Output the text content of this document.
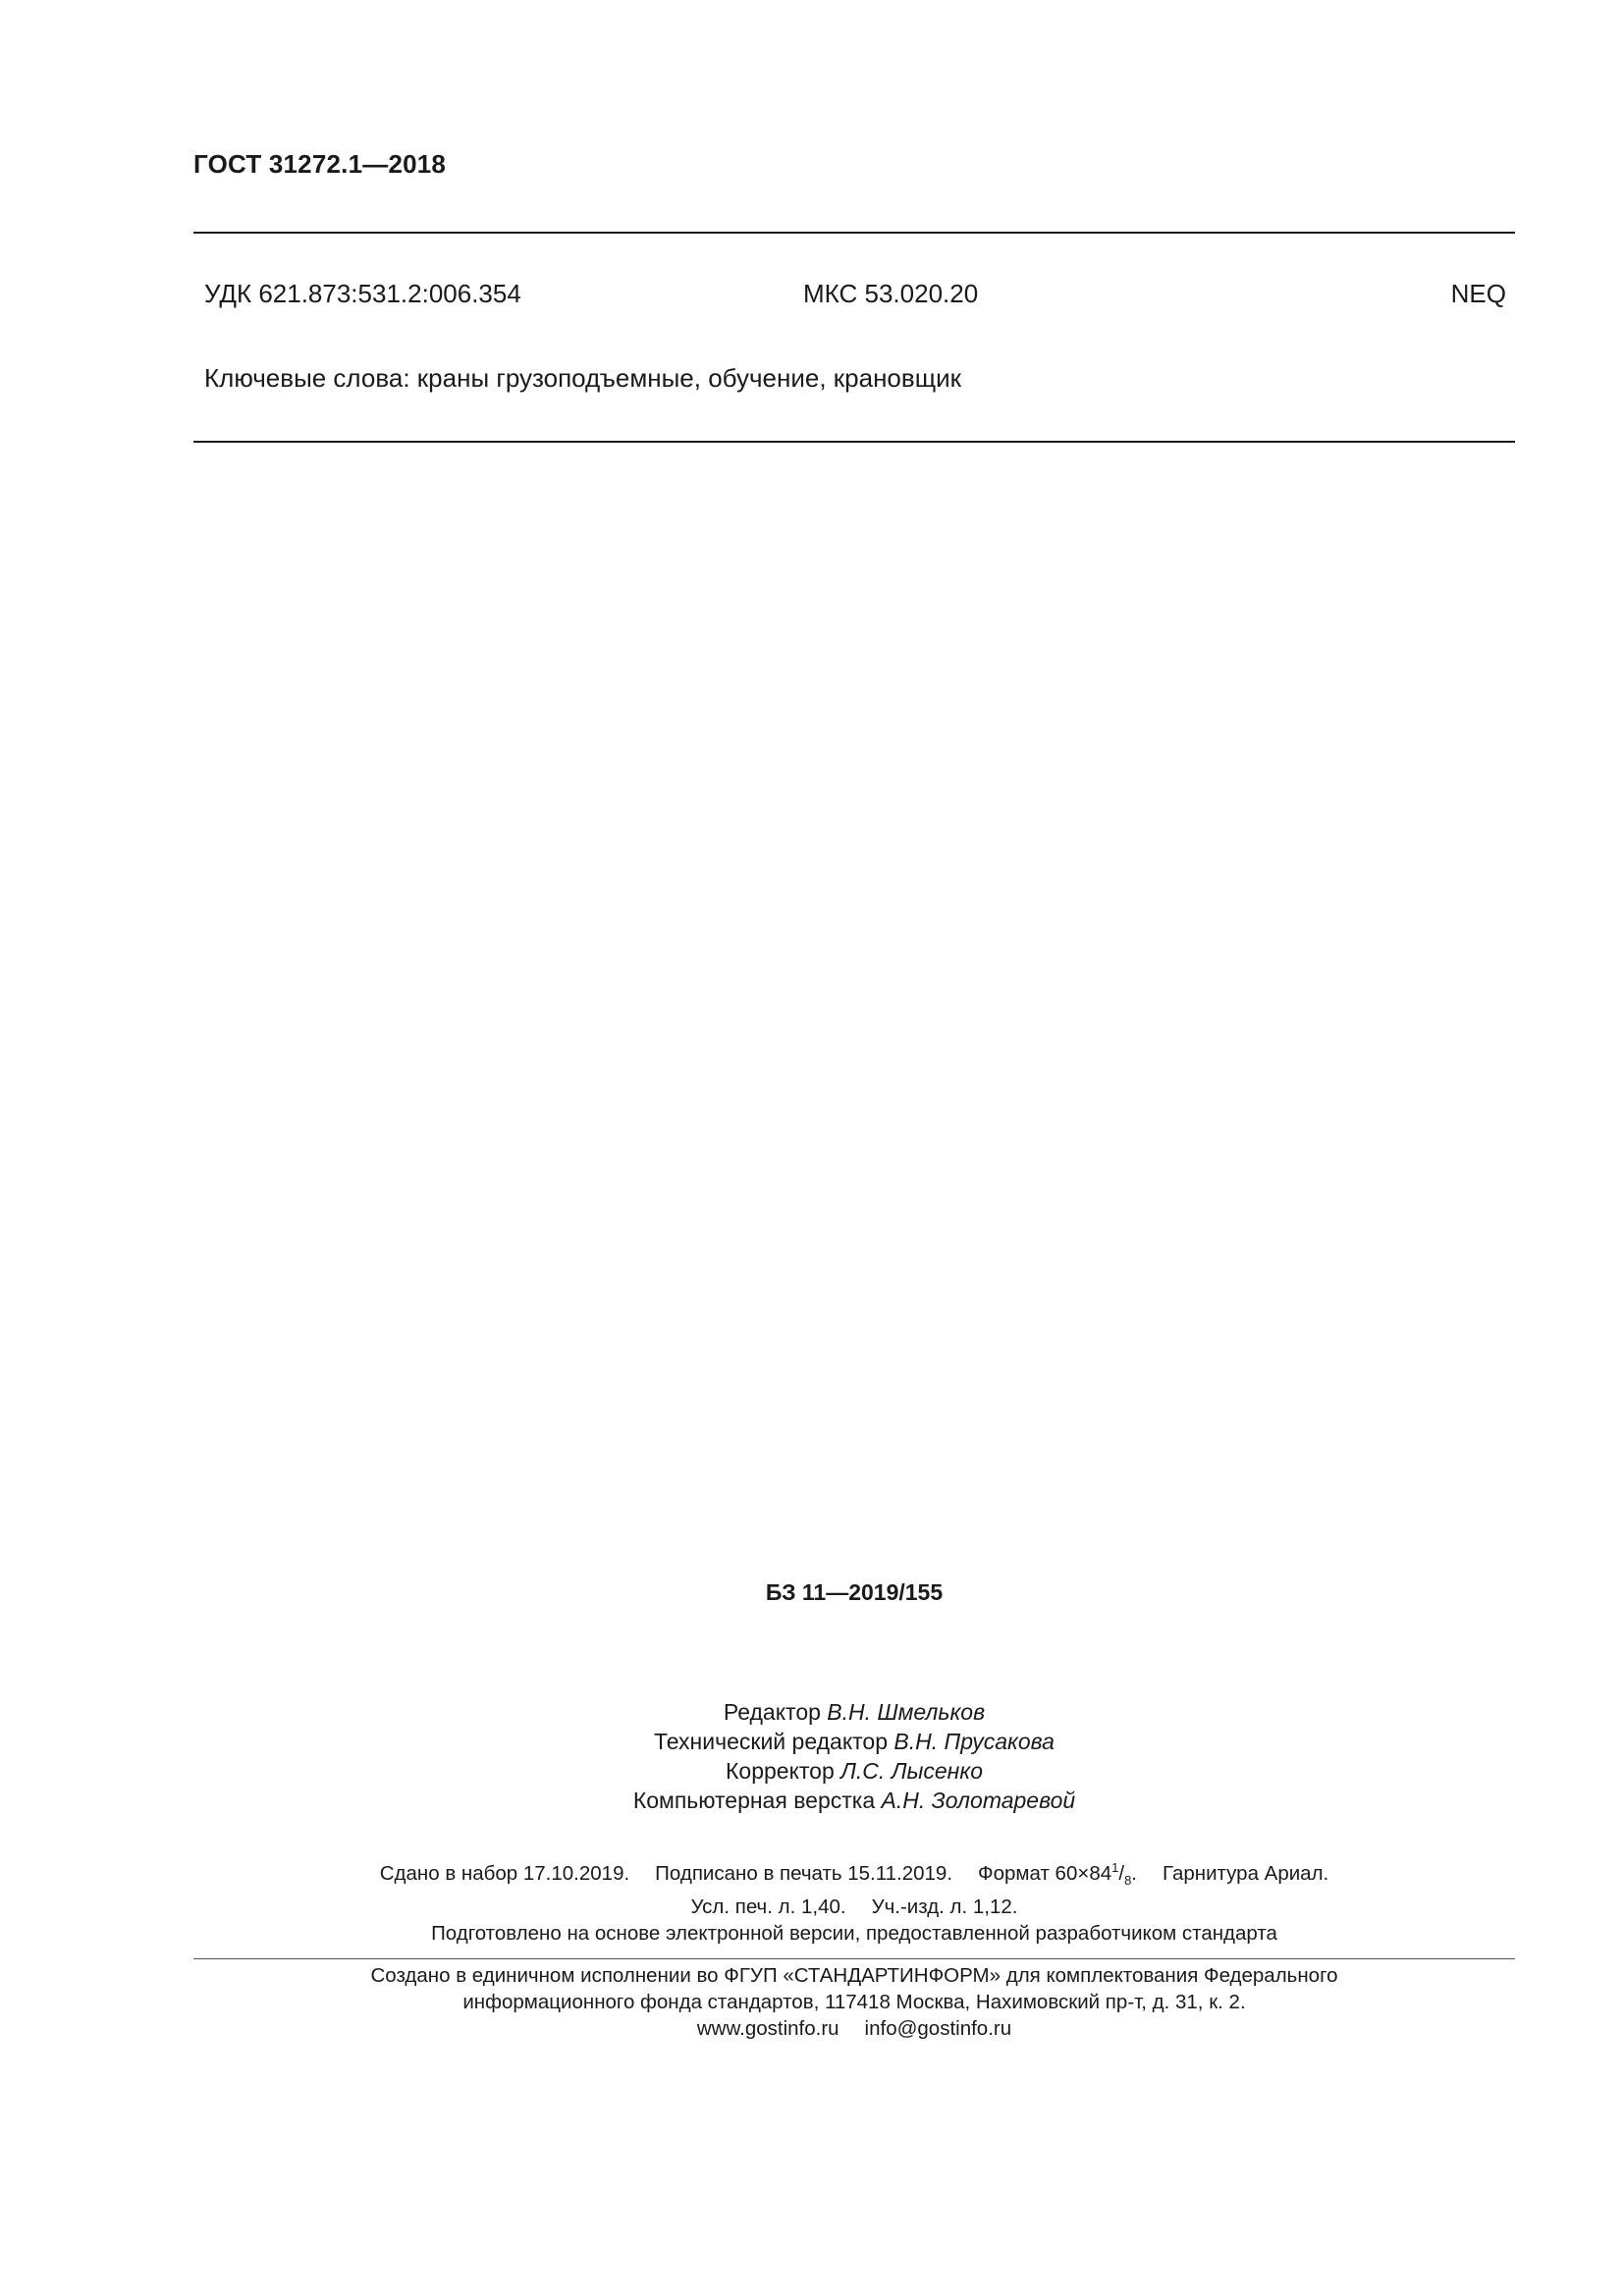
ГОСТ 31272.1—2018
УДК 621.873:531.2:006.354	МКС 53.020.20	NEQ
Ключевые слова: краны грузоподъемные, обучение, крановщик
БЗ 11—2019/155
Редактор В.Н. Шмельков
Технический редактор В.Н. Прусакова
Корректор Л.С. Лысенко
Компьютерная верстка А.Н. Золотаревой
Сдано в набор 17.10.2019. Подписано в печать 15.11.2019. Формат $60\times 84^1/_8$. Гарнитура Ариал.
Усл. печ. л. 1,40. Уч.-изд. л. 1,12.
Подготовлено на основе электронной версии, предоставленной разработчиком стандарта
Создано в единичном исполнении во ФГУП «СТАНДАРТИНФОРМ» для комплектования Федерального
информационного фонда стандартов, 117418 Москва, Нахимовский пр-т, д. 31, к. 2.
www.gostinfo.ru info@gostinfo.ru
